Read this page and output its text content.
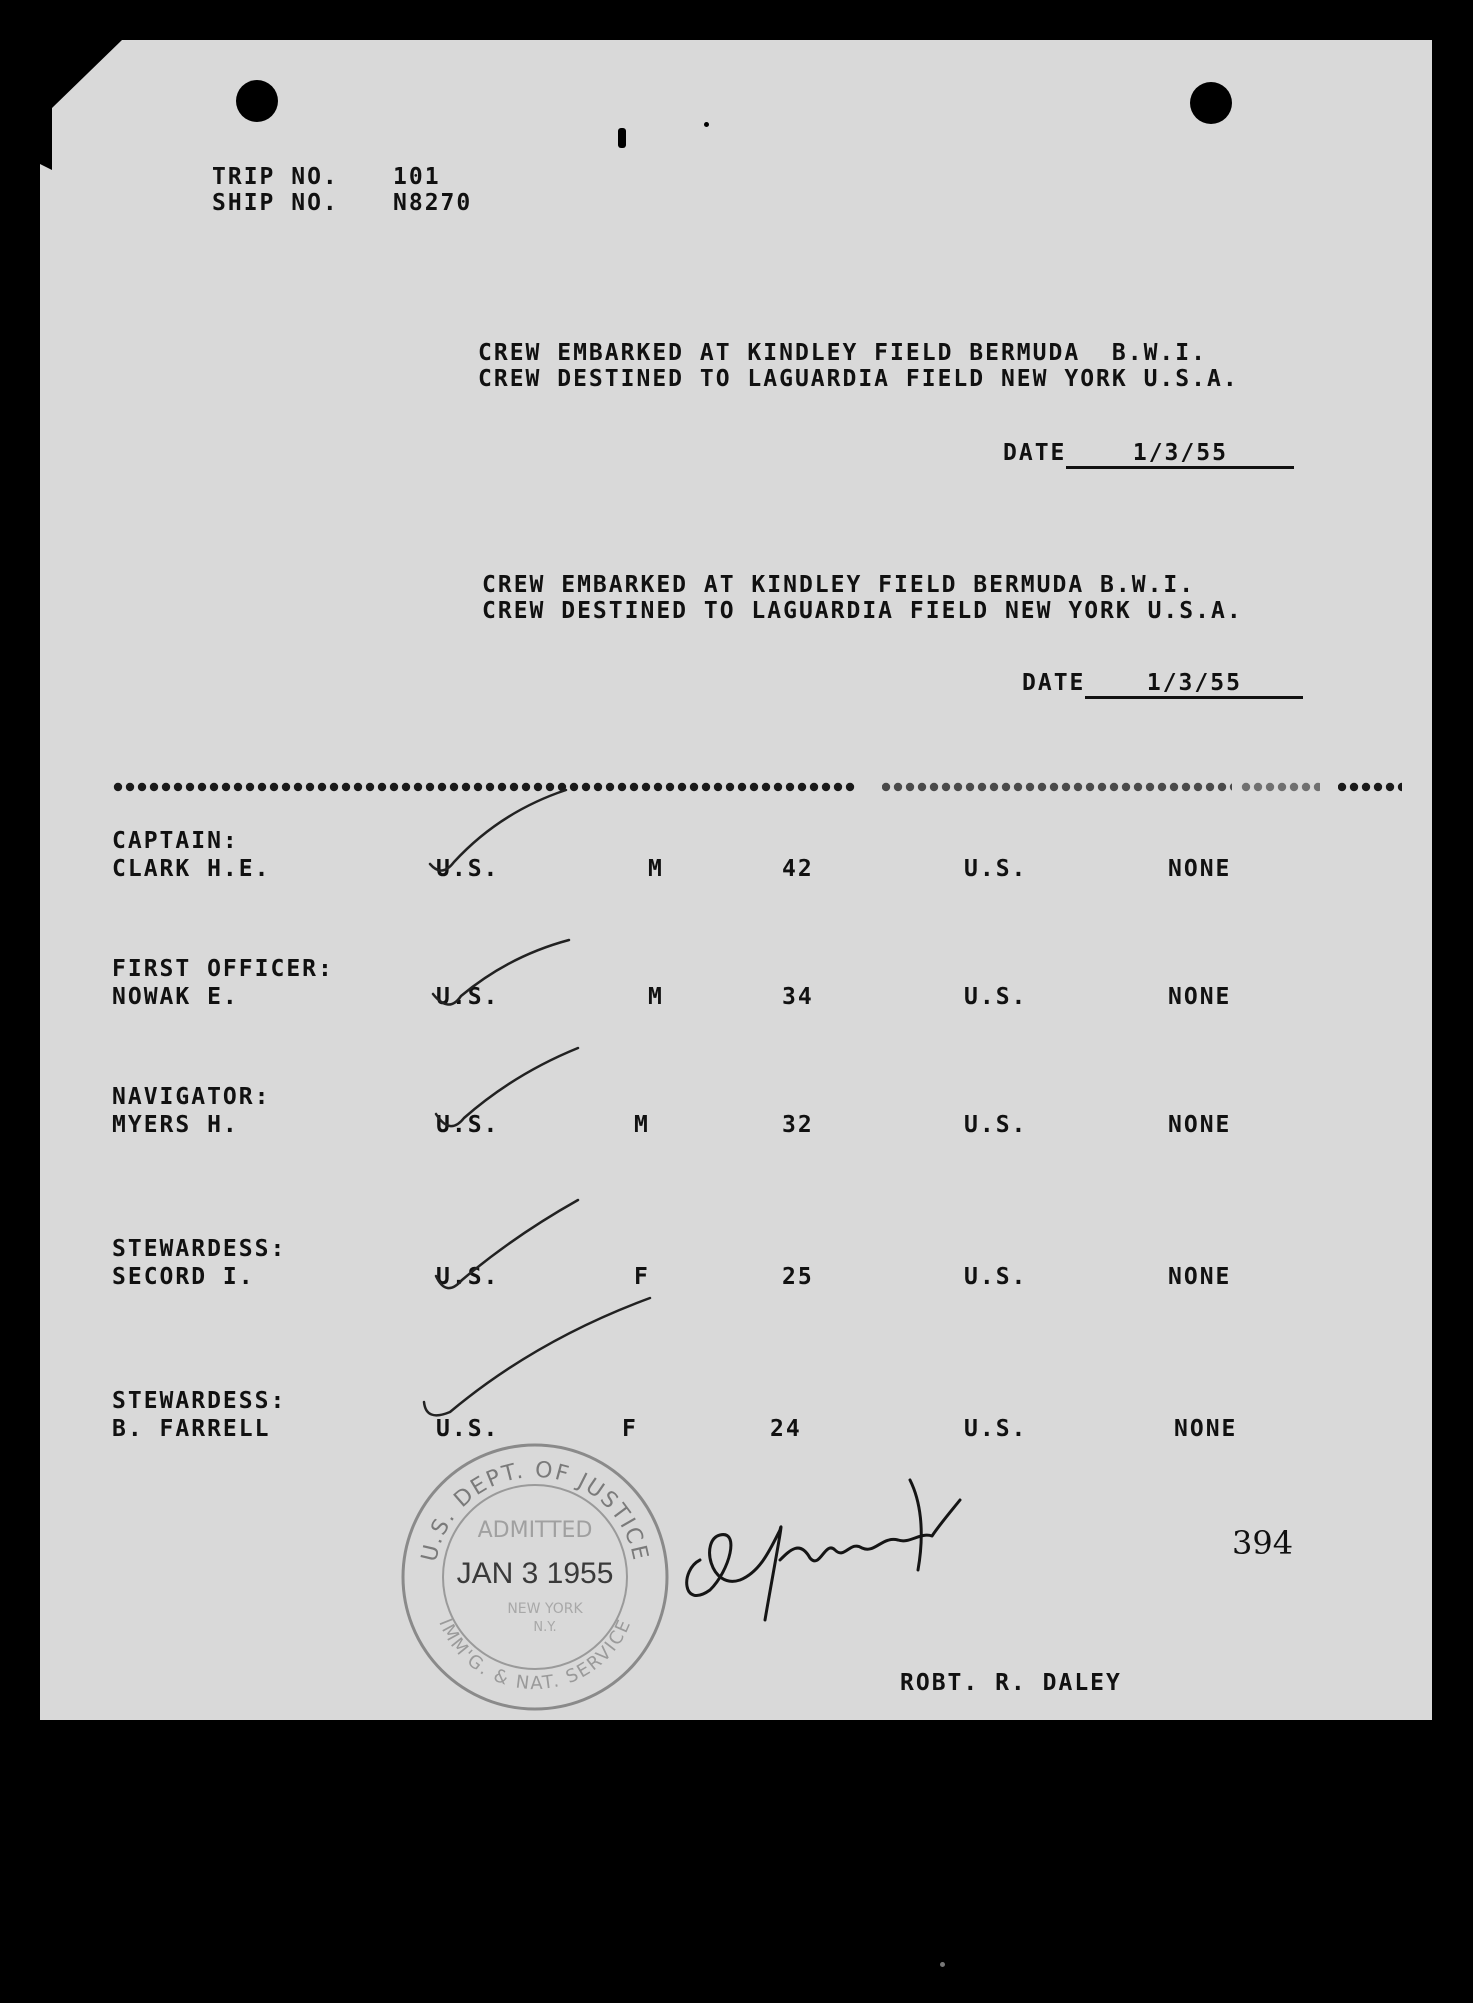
TRIP NO. 101
SHIP NO. N8270
CREW EMBARKED AT KINDLEY FIELD BERMUDA  B.W.I.
CREW DESTINED TO LAGUARDIA FIELD NEW YORK U.S.A.
DATE	1/3/55
CREW EMBARKED AT KINDLEY FIELD BERMUDA B.W.I.
CREW DESTINED TO LAGUARDIA FIELD NEW YORK U.S.A.
DATE	1/3/55
CAPTAIN:
CLARK H.E.	U.S.	M	42	U.S.	NONE
FIRST OFFICER:
NOWAK E.	U.S.	M	34	U.S.	NONE
NAVIGATOR:
MYERS H.	U.S.	M	32	U.S.	NONE
STEWARDESS:
SECORD I.	U.S.	F	25	U.S.	NONE
STEWARDESS:
B. FARRELL	U.S.	F	24	U.S.	NONE
U.S. DEPT. OF JUSTICE
IMM'G. & NAT. SERVICE
ADMITTED
JAN 3 1955
NEW YORK
N.Y.
394
ROBT. R. DALEY
